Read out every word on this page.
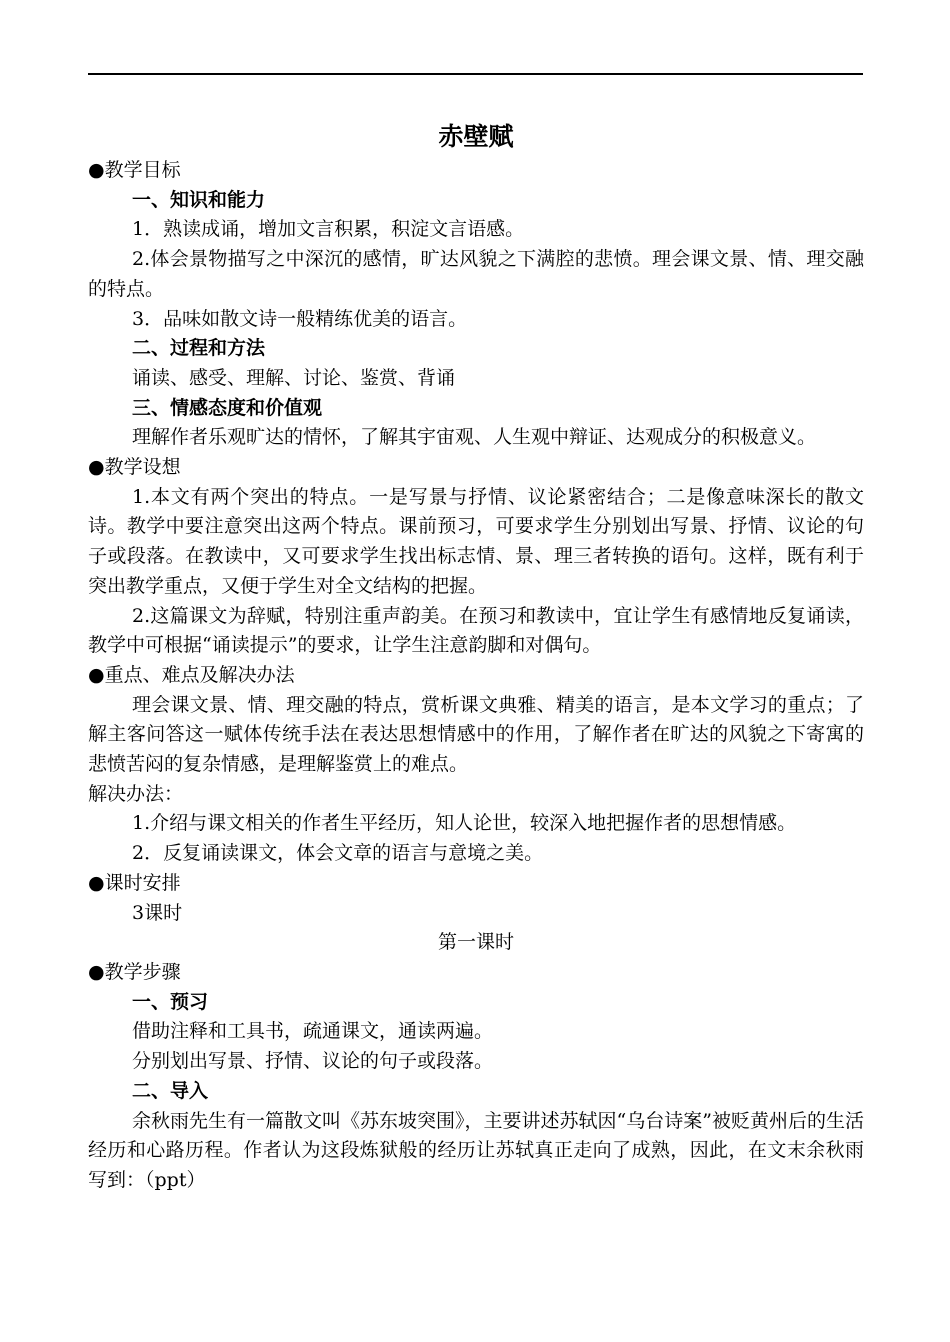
赤壁赋

●教学目标

一、知识和能力

1．熟读成诵，增加文言积累，积淀文言语感。

2.体会景物描写之中深沉的感情，旷达风貌之下满腔的悲愤。理会课文景、情、理交融的特点。

3．品味如散文诗一般精练优美的语言。

二、过程和方法

诵读、感受、理解、讨论、鉴赏、背诵

三、情感态度和价值观

理解作者乐观旷达的情怀，了解其宇宙观、人生观中辩证、达观成分的积极意义。

●教学设想

1.本文有两个突出的特点。一是写景与抒情、议论紧密结合；二是像意味深长的散文诗。教学中要注意突出这两个特点。课前预习，可要求学生分别划出写景、抒情、议论的句子或段落。在教读中，又可要求学生找出标志情、景、理三者转换的语句。这样，既有利于突出教学重点，又便于学生对全文结构的把握。

2.这篇课文为辞赋，特别注重声韵美。在预习和教读中，宜让学生有感情地反复诵读，教学中可根据“诵读提示”的要求，让学生注意韵脚和对偶句。

●重点、难点及解决办法

理会课文景、情、理交融的特点，赏析课文典雅、精美的语言，是本文学习的重点；了解主客问答这一赋体传统手法在表达思想情感中的作用，了解作者在旷达的风貌之下寄寓的悲愤苦闷的复杂情感，是理解鉴赏上的难点。

解决办法：

1.介绍与课文相关的作者生平经历，知人论世，较深入地把握作者的思想情感。

2．反复诵读课文，体会文章的语言与意境之美。

●课时安排

3课时

第一课时

●教学步骤

一、预习

借助注释和工具书，疏通课文，通读两遍。

分别划出写景、抒情、议论的句子或段落。

二、导入

余秋雨先生有一篇散文叫《苏东坡突围》，主要讲述苏轼因“乌台诗案”被贬黄州后的生活经历和心路历程。作者认为这段炼狱般的经历让苏轼真正走向了成熟，因此，在文末余秋雨写到：（ppt）
